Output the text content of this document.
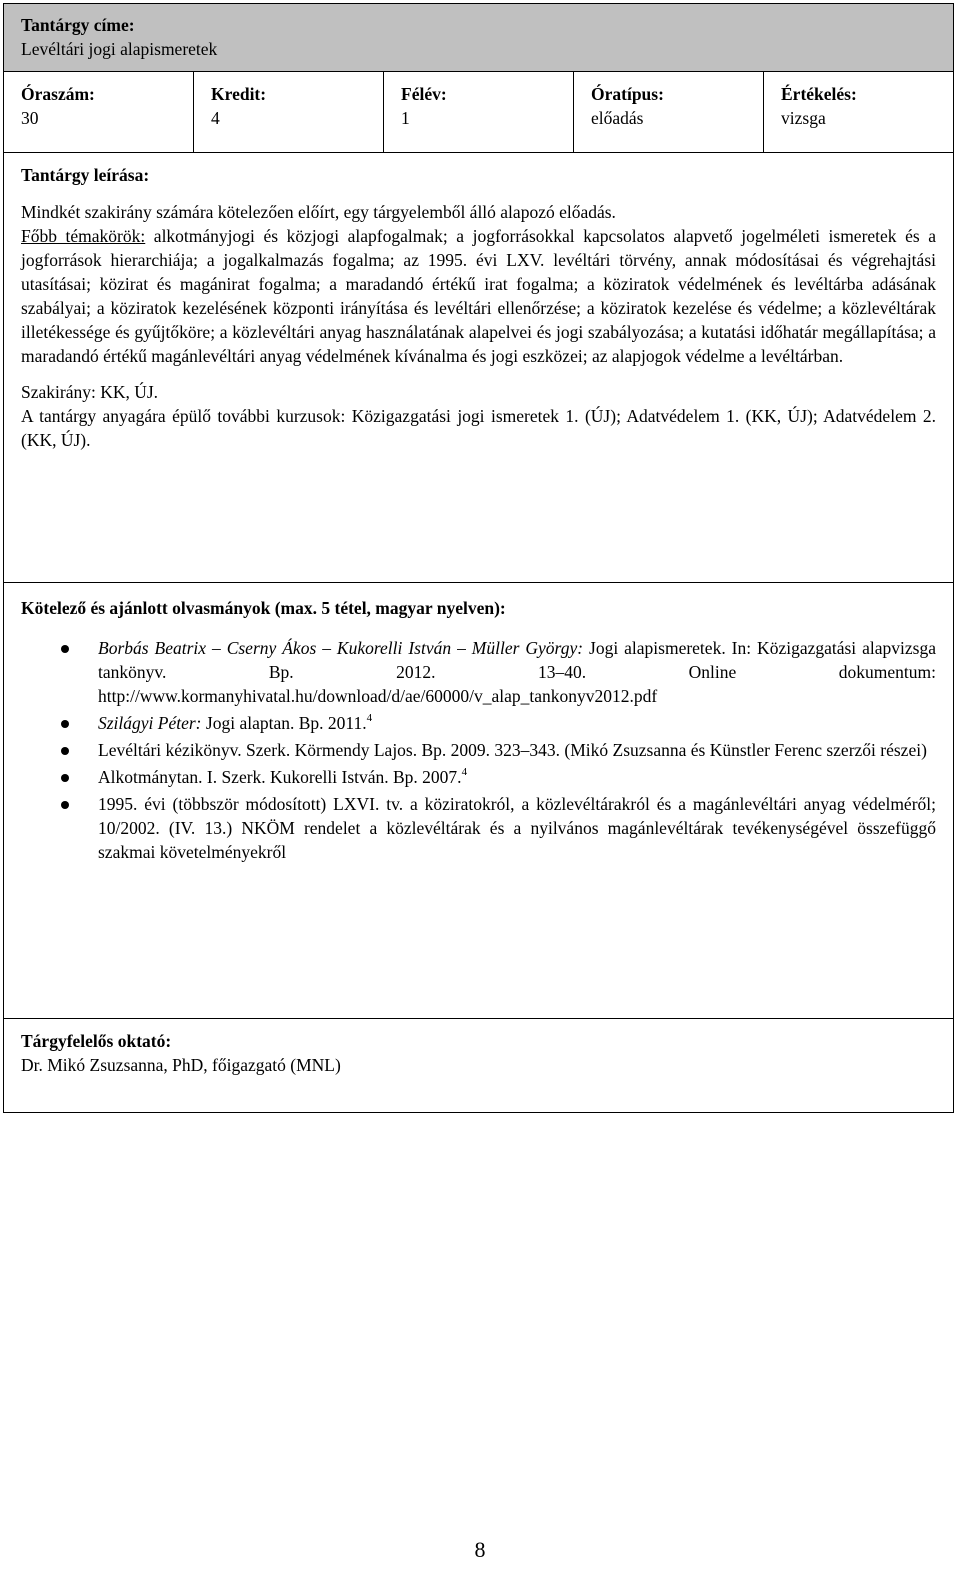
Tantárgy címe:
Levéltári jogi alapismeretek
Óraszám:
30
Kredit:
4
Félév:
1
Óratípus:
előadás
Értékelés:
vizsga
Tantárgy leírása:
Mindkét szakirány számára kötelezően előírt, egy tárgyelemből álló alapozó előadás.
Főbb témakörök: alkotmányjogi és közjogi alapfogalmak; a jogforrásokkal kapcsolatos alapvető jogelméleti ismeretek és a jogforrások hierarchiája; a jogalkalmazás fogalma; az 1995. évi LXV. levéltári törvény, annak módosításai és végrehajtási utasításai; közirat és magánirat fogalma; a maradandó értékű irat fogalma; a köziratok védelmének és levéltárba adásának szabályai; a köziratok kezelésének központi irányítása és levéltári ellenőrzése; a köziratok kezelése és védelme; a közlevéltárak illetékessége és gyűjtőköre; a közlevéltári anyag használatának alapelvei és jogi szabályozása; a kutatási időhatár megállapítása; a maradandó értékű magánlevéltári anyag védelmének kívánalma és jogi eszközei; az alapjogok védelme a levéltárban.
Szakirány: KK, ÚJ.
A tantárgy anyagára épülő további kurzusok: Közigazgatási jogi ismeretek 1. (ÚJ); Adatvédelem 1. (KK, ÚJ); Adatvédelem 2. (KK, ÚJ).
Kötelező és ajánlott olvasmányok (max. 5 tétel, magyar nyelven):
Borbás Beatrix – Cserny Ákos – Kukorelli István – Müller György: Jogi alapismeretek. In: Közigazgatási alapvizsga tankönyv. Bp. 2012. 13–40. Online dokumentum: http://www.kormanyhivatal.hu/download/d/ae/60000/v_alap_tankonyv2012.pdf
Szilágyi Péter: Jogi alaptan. Bp. 2011.$^4$
Levéltári kézikönyv. Szerk. Körmendy Lajos. Bp. 2009. 323–343. (Mikó Zsuzsanna és Künstler Ferenc szerzői részei)
Alkotmánytan. I. Szerk. Kukorelli István. Bp. 2007.$^4$
1995. évi (többször módosított) LXVI. tv. a köziratokról, a közlevéltárakról és a magánlevéltári anyag védelméről; 10/2002. (IV. 13.) NKÖM rendelet a közlevéltárak és a nyilvános magánlevéltárak tevékenységével összefüggő szakmai követelményekről
Tárgyfelelős oktató:
Dr. Mikó Zsuzsanna, PhD, főigazgató (MNL)
8
